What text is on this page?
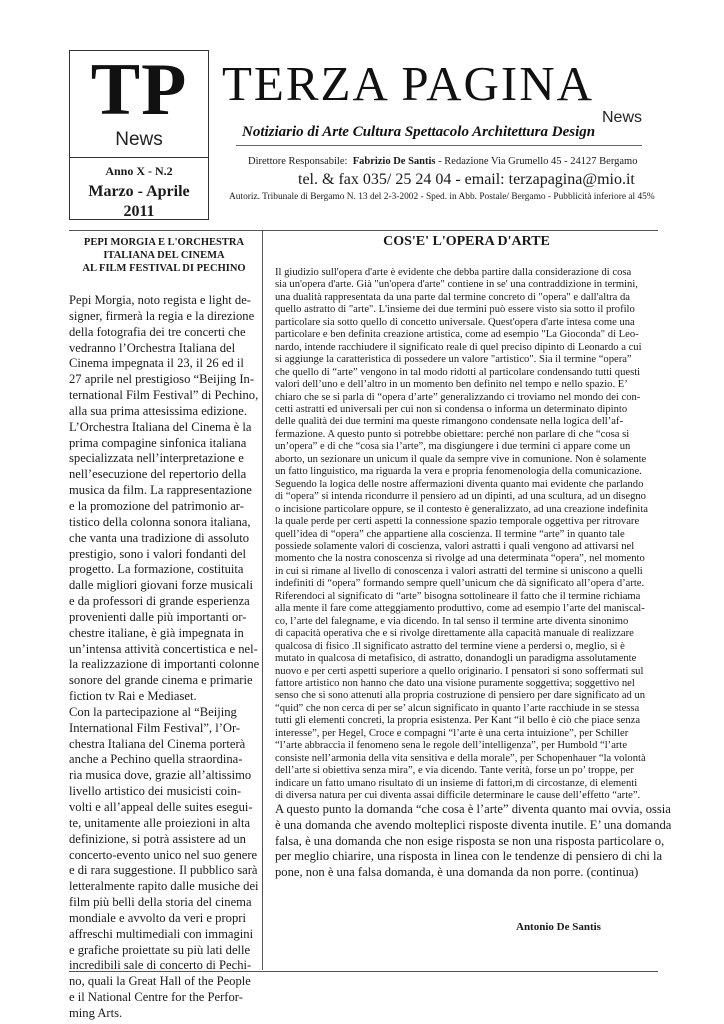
TP
News
Anno X - N.2
Marzo - Aprile
2011
TERZA PAGINA
News
Notiziario di Arte Cultura Spettacolo Architettura Design
Direttore Responsabile: Fabrizio De Santis - Redazione Via Grumello 45 - 24127 Bergamo
tel. & fax 035/ 25 24 04 - email: terzapagina@mio.it
Autoriz. Tribunale di Bergamo N. 13 del 2-3-2002 - Sped. in Abb. Postale/ Bergamo - Pubblicità inferiore al 45%
PEPI MORGIA E L'ORCHESTRA
ITALIANA DEL CINEMA
AL FILM FESTIVAL DI PECHINO
Pepi Morgia, noto regista e light de-
signer, firmerà la regia e la direzione
della fotografia dei tre concerti che
vedranno l’Orchestra Italiana del
Cinema impegnata il 23, il 26 ed il
27 aprile nel prestigioso “Beijing In-
ternational Film Festival” di Pechino,
alla sua prima attesissima edizione.
L’Orchestra Italiana del Cinema è la
prima compagine sinfonica italiana
specializzata nell’interpretazione e
nell’esecuzione del repertorio della
musica da film. La rappresentazione
e la promozione del patrimonio ar-
tistico della colonna sonora italiana,
che vanta una tradizione di assoluto
prestigio, sono i valori fondanti del
progetto. La formazione, costituita
dalle migliori giovani forze musicali
e da professori di grande esperienza
provenienti dalle più importanti or-
chestre italiane, è già impegnata in
un’intensa attività concertistica e nel-
la realizzazione di importanti colonne
sonore del grande cinema e primarie
fiction tv Rai e Mediaset.
Con la partecipazione al “Beijing
International Film Festival”, l’Or-
chestra Italiana del Cinema porterà
anche a Pechino quella straordina-
ria musica dove, grazie all’altissimo
livello artistico dei musicisti coin-
volti e all’appeal delle suites esegui-
te, unitamente alle proiezioni in alta
definizione, si potrà assistere ad un
concerto-evento unico nel suo genere
e di rara suggestione. Il pubblico sarà
letteralmente rapito dalle musiche dei
film più belli della storia del cinema
mondiale e avvolto da veri e propri
affreschi multimediali con immagini
e grafiche proiettate su più lati delle
incredibili sale di concerto di Pechi-
no, quali la Great Hall of the People
e il National Centre for the Perfor-
ming Arts.
COS'E' L'OPERA D'ARTE
Il giudizio sull'opera d'arte è evidente che debba partire dalla considerazione di cosa
sia un'opera d'arte. Già "un'opera d'arte" contiene in se' una contraddizione in termini,
una dualità rappresentata da una parte dal termine concreto di "opera" e dall'altra da
quello astratto di "arte". L'insieme dei due termini può essere visto sia sotto il profilo
particolare sia sotto quello di concetto universale. Quest'opera d'arte intesa come una
particolare e ben definita creazione artistica, come ad esempio "La Gioconda" di Leo-
nardo, intende racchiudere il significato reale di quel preciso dipinto di Leonardo a cui
si aggiunge la caratteristica di possedere un valore "artistico". Sia il termine “opera”
che quello di “arte” vengono in tal modo ridotti al particolare condensando tutti questi
valori dell’uno e dell’altro in un momento ben definito nel tempo e nello spazio. E’
chiaro che se si parla di “opera d’arte” generalizzando ci troviamo nel mondo dei con-
cetti astratti ed universali per cui non si condensa o informa un determinato dipinto
delle qualità dei due termini ma queste rimangono condensate nella logica dell’af-
fermazione. A questo punto si potrebbe obiettare: perché non parlare di che “cosa si
un’opera” e di che “cosa sia l’arte”, ma disgiungere i due termini ci appare come un
aborto, un sezionare un unicum il quale da sempre vive in comunione. Non è solamente
un fatto linguistico, ma riguarda la vera e propria fenomenologia della comunicazione.
Seguendo la logica delle nostre affermazioni diventa quanto mai evidente che parlando
di “opera” si intenda ricondurre il pensiero ad un dipinti, ad una scultura, ad un disegno
o incisione particolare oppure, se il contesto è generalizzato, ad una creazione indefinita
la quale perde per certi aspetti la connessione spazio temporale oggettiva per ritrovare
quell’idea di “opera” che appartiene alla coscienza. Il termine “arte” in quanto tale
possiede solamente valori di coscienza, valori astratti i quali vengono ad attivarsi nel
momento che la nostra conoscenza si rivolge ad una determinata “opera”, nel momento
in cui si rimane al livello di conoscenza i valori astratti del termine si uniscono a quelli
indefiniti di “opera” formando sempre quell’unicum che dà significato all’opera d’arte.
Riferendoci al significato di “arte” bisogna sottolineare il fatto che il termine richiama
alla mente il fare come atteggiamento produttivo, come ad esempio l’arte del maniscal-
co, l’arte del falegname, e via dicendo. In tal senso il termine arte diventa sinonimo
di capacità operativa che e si rivolge direttamente alla capacità manuale di realizzare
qualcosa di fisico .Il significato astratto del termine viene a perdersi o, meglio, si è
mutato in qualcosa di metafisico, di astratto, donandogli un paradigma assolutamente
nuovo e per certi aspetti superiore a quello originario. I pensatori si sono soffermati sul
fattore artistico non hanno che dato una visione puramente soggettiva; soggettivo nel
senso che si sono attenuti alla propria costruzione di pensiero per dare significato ad un
“quid” che non cerca di per se’ alcun significato in quanto l’arte racchiude in se stessa
tutti gli elementi concreti, la propria esistenza. Per Kant “il bello è ciò che piace senza
interesse”, per Hegel, Croce e compagni “l’arte è una certa intuizione”, per Schiller
“l’arte abbraccia il fenomeno sena le regole dell’intelligenza”, per Humbold “l’arte
consiste nell’armonia della vita sensitiva e della morale”, per Schopenhauer “la volontà
dell’arte si obiettiva senza mira”, e via dicendo. Tante verità, forse un po’ troppe, per
indicare un fatto umano risultato di un insieme di fattori,m di circostanze, di elementi
di diversa natura per cui diventa assai difficile determinare le cause dell’effetto “arte”.
A questo punto la domanda “che cosa è l’arte” diventa quanto mai ovvia, ossia
è una domanda che avendo molteplici risposte diventa inutile. E’ una domanda
falsa, è una domanda che non esige risposta se non una risposta particolare o,
per meglio chiarire, una risposta in linea con le tendenze di pensiero di chi la
pone, non è una falsa domanda, è una domanda da non porre. (continua)
Antonio De Santis
